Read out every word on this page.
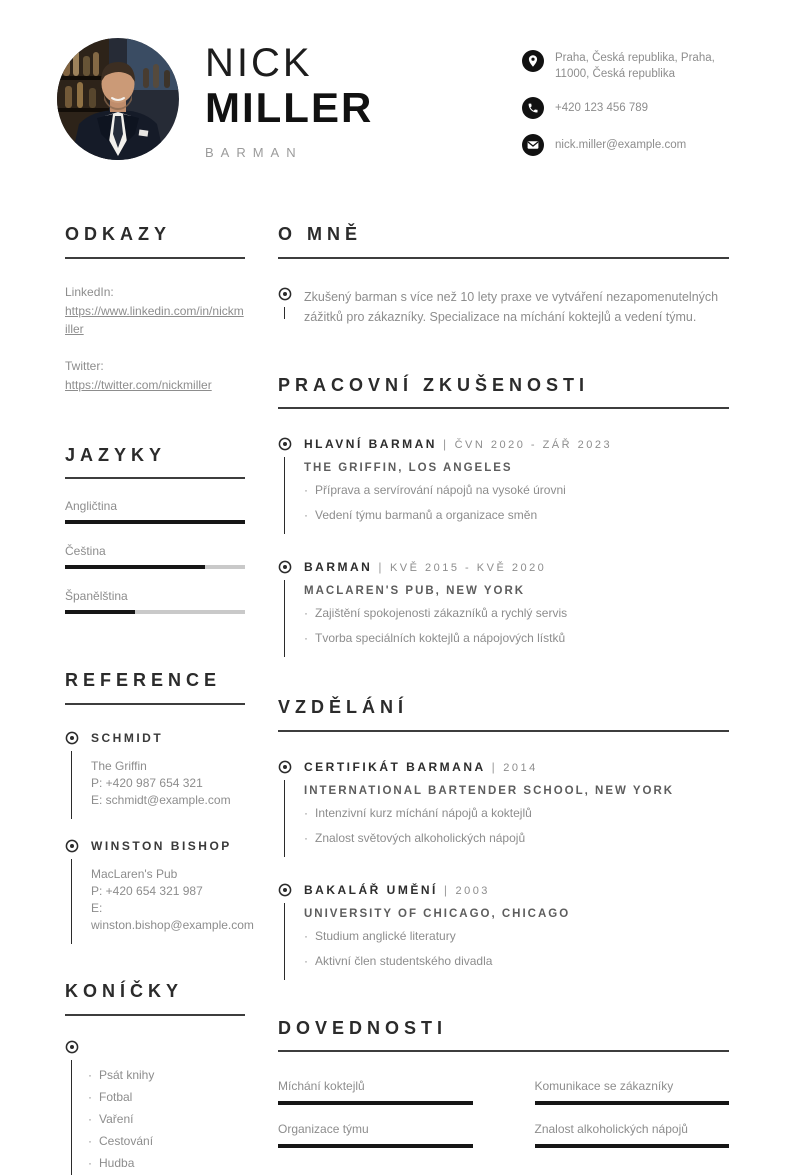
NICK
MILLER
BARMAN
Praha, Česká republika, Praha, 11000, Česká republika
+420 123 456 789
nick.miller@example.com
ODKAZY
LinkedIn:
https://www.linkedin.com/in/nickmiller
Twitter:
https://twitter.com/nickmiller
JAZYKY
Angličtina
Čeština
Španělština
REFERENCE
SCHMIDT
The Griffin
P: +420 987 654 321
E: schmidt@example.com
WINSTON BISHOP
MacLaren's Pub
P: +420 654 321 987
E: winston.bishop@example.com
KONÍČKY
· Psát knihy
· Fotbal
· Vaření
· Cestování
· Hudba
O MNĚ
Zkušený barman s více než 10 lety praxe ve vytváření nezapomenutelných zážitků pro zákazníky. Specializace na míchání koktejlů a vedení týmu.
PRACOVNÍ ZKUŠENOSTI
HLAVNÍ BARMAN | ČVN 2020 - ZÁŘ 2023
THE GRIFFIN, LOS ANGELES
· Příprava a servírování nápojů na vysoké úrovni
· Vedení týmu barmanů a organizace směn
BARMAN | KVĚ 2015 - KVĚ 2020
MACLAREN'S PUB, NEW YORK
· Zajištění spokojenosti zákazníků a rychlý servis
· Tvorba speciálních koktejlů a nápojových lístků
VZDĚLÁNÍ
CERTIFIKÁT BARMANA | 2014
INTERNATIONAL BARTENDER SCHOOL, NEW YORK
· Intenzivní kurz míchání nápojů a koktejlů
· Znalost světových alkoholických nápojů
BAKALÁŘ UMĚNÍ | 2003
UNIVERSITY OF CHICAGO, CHICAGO
· Studium anglické literatury
· Aktivní člen studentského divadla
DOVEDNOSTI
Míchání koktejlů	Komunikace se zákazníky
Organizace týmu	Znalost alkoholických nápojů
